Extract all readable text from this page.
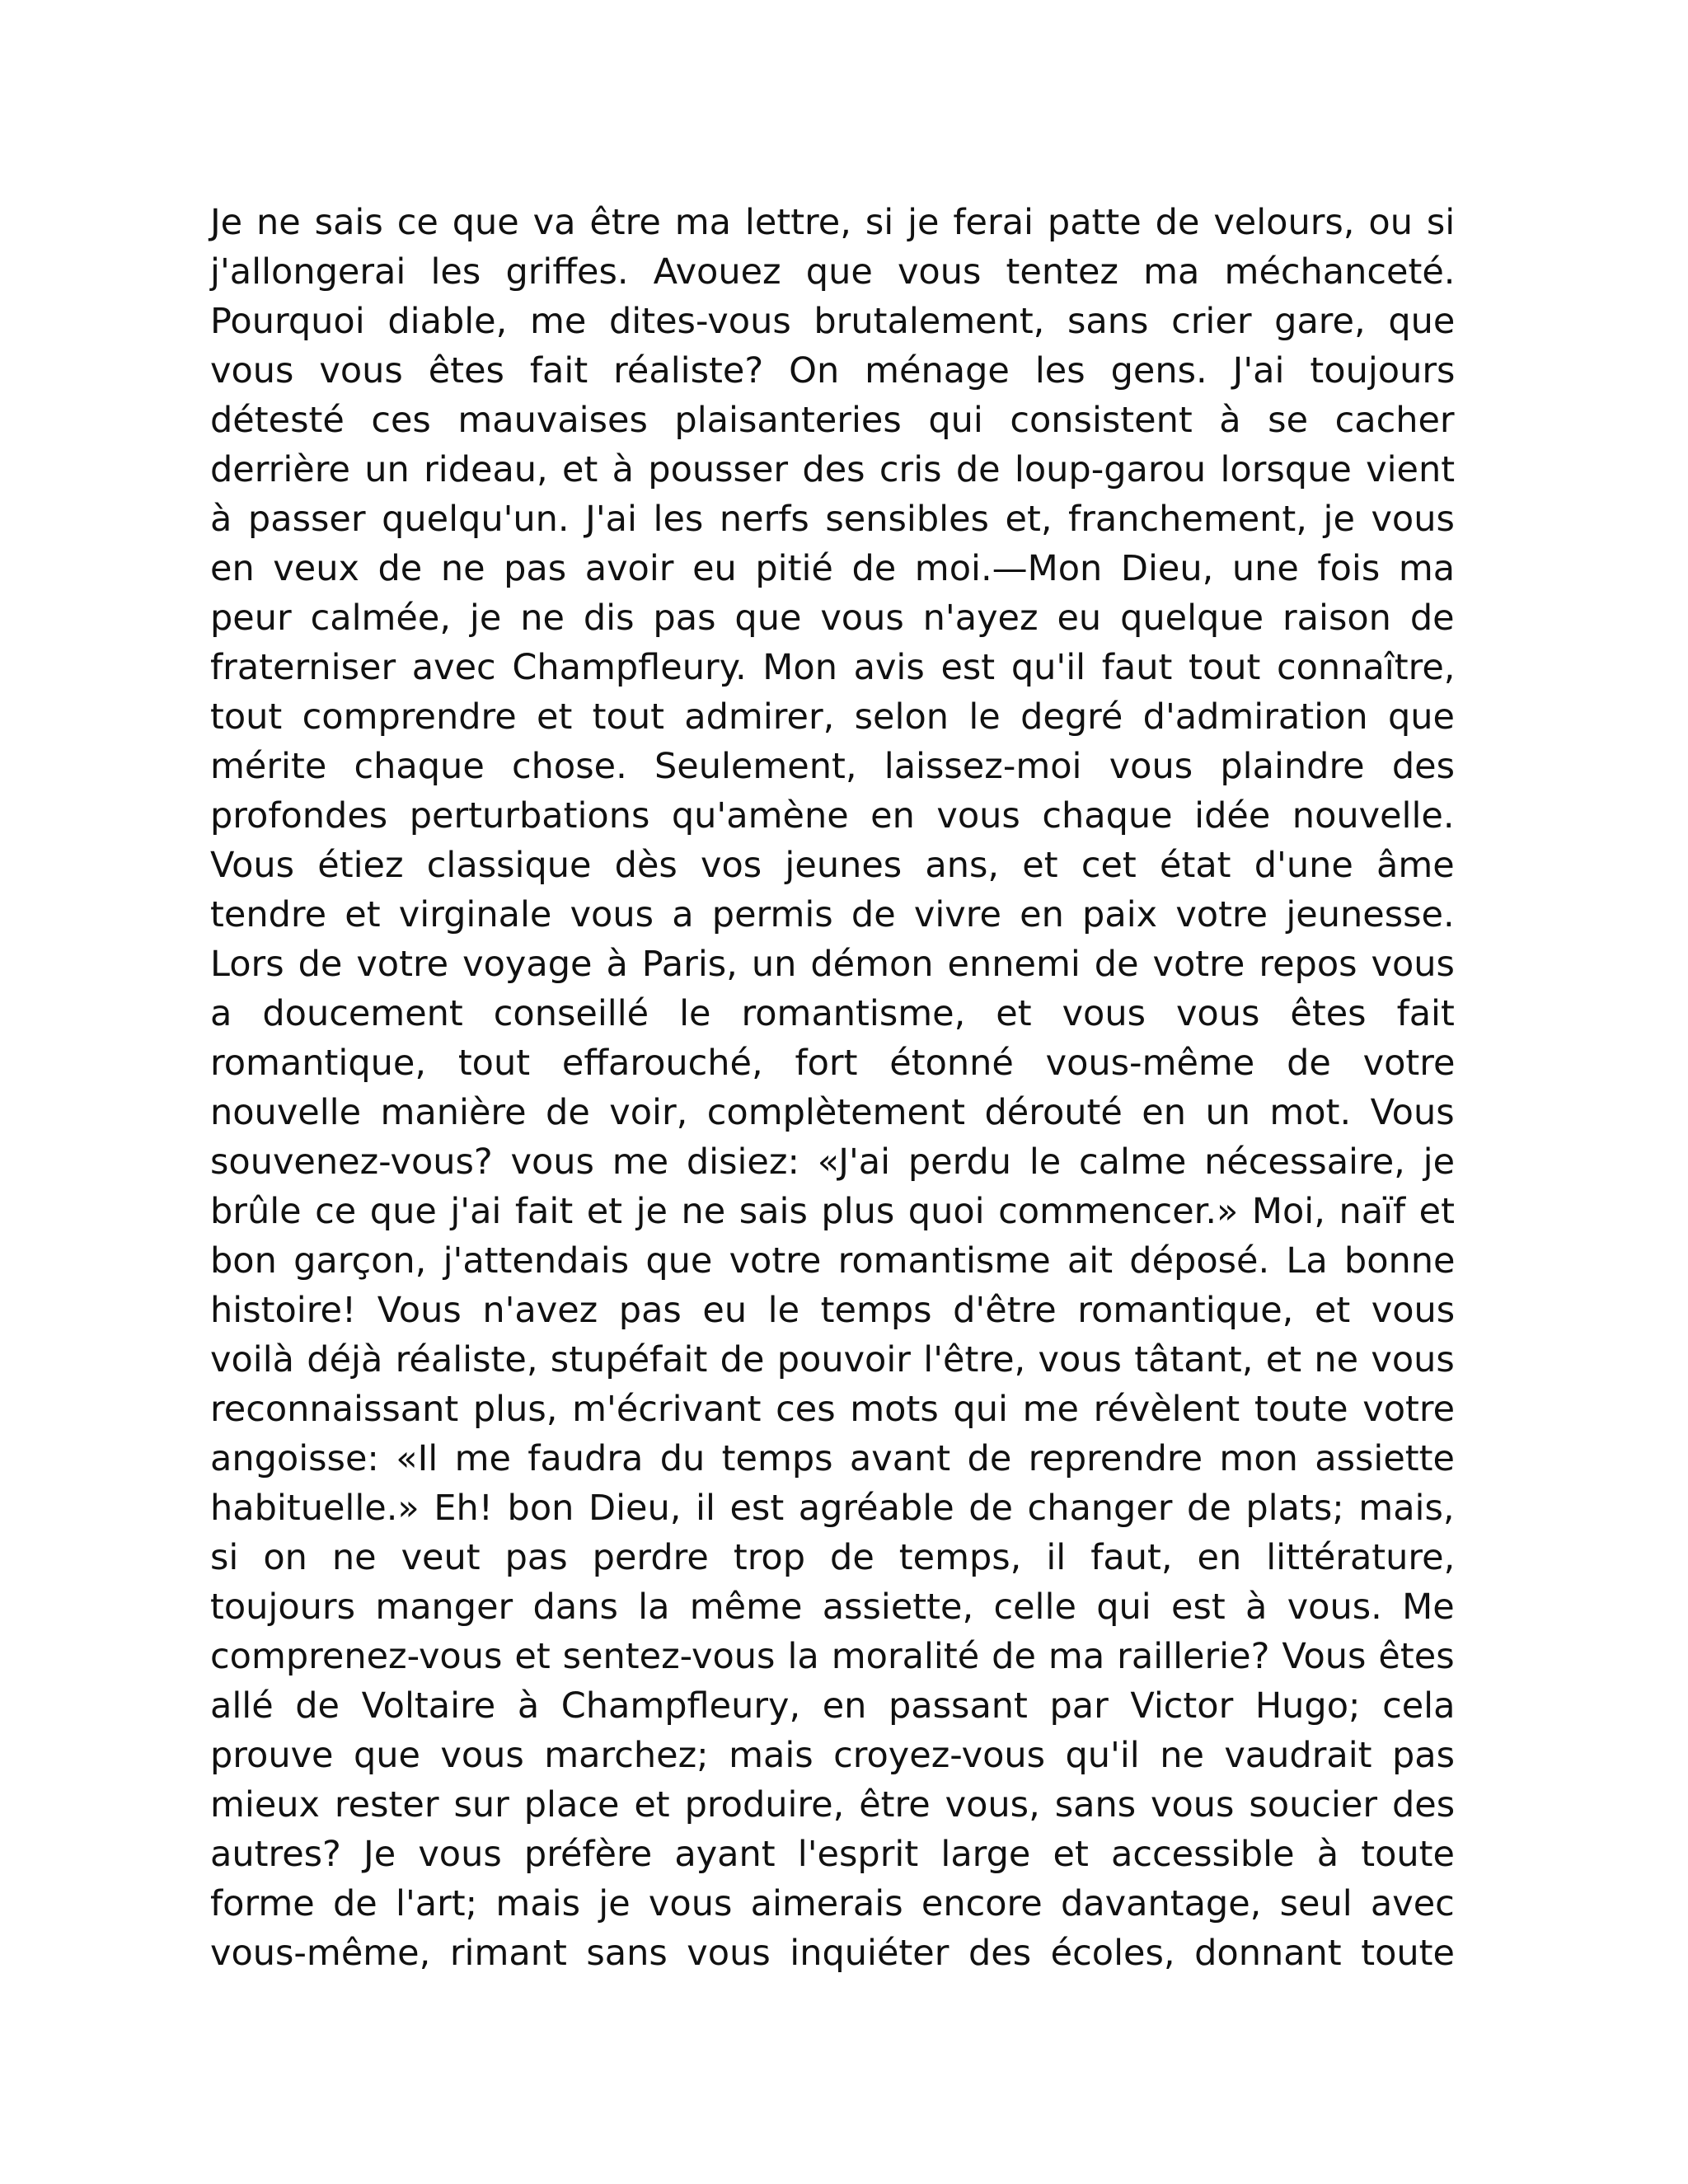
Je ne sais ce que va être ma lettre, si je ferai patte de velours, ou si
j'allongerai les griffes. Avouez que vous tentez ma méchanceté.
Pourquoi diable, me dites-vous brutalement, sans crier gare, que
vous vous êtes fait réaliste? On ménage les gens. J'ai toujours
détesté ces mauvaises plaisanteries qui consistent à se cacher
derrière un rideau, et à pousser des cris de loup-garou lorsque vient
à passer quelqu'un. J'ai les nerfs sensibles et, franchement, je vous
en veux de ne pas avoir eu pitié de moi.—Mon Dieu, une fois ma
peur calmée, je ne dis pas que vous n'ayez eu quelque raison de
fraterniser avec Champfleury. Mon avis est qu'il faut tout connaître,
tout comprendre et tout admirer, selon le degré d'admiration que
mérite chaque chose. Seulement, laissez-moi vous plaindre des
profondes perturbations qu'amène en vous chaque idée nouvelle.
Vous étiez classique dès vos jeunes ans, et cet état d'une âme
tendre et virginale vous a permis de vivre en paix votre jeunesse.
Lors de votre voyage à Paris, un démon ennemi de votre repos vous
a doucement conseillé le romantisme, et vous vous êtes fait
romantique, tout effarouché, fort étonné vous-même de votre
nouvelle manière de voir, complètement dérouté en un mot. Vous
souvenez-vous? vous me disiez: «J'ai perdu le calme nécessaire, je
brûle ce que j'ai fait et je ne sais plus quoi commencer.» Moi, naïf et
bon garçon, j'attendais que votre romantisme ait déposé. La bonne
histoire! Vous n'avez pas eu le temps d'être romantique, et vous
voilà déjà réaliste, stupéfait de pouvoir l'être, vous tâtant, et ne vous
reconnaissant plus, m'écrivant ces mots qui me révèlent toute votre
angoisse: «Il me faudra du temps avant de reprendre mon assiette
habituelle.» Eh! bon Dieu, il est agréable de changer de plats; mais,
si on ne veut pas perdre trop de temps, il faut, en littérature,
toujours manger dans la même assiette, celle qui est à vous. Me
comprenez-vous et sentez-vous la moralité de ma raillerie? Vous êtes
allé de Voltaire à Champfleury, en passant par Victor Hugo; cela
prouve que vous marchez; mais croyez-vous qu'il ne vaudrait pas
mieux rester sur place et produire, être vous, sans vous soucier des
autres? Je vous préfère ayant l'esprit large et accessible à toute
forme de l'art; mais je vous aimerais encore davantage, seul avec
vous-même, rimant sans vous inquiéter des écoles, donnant toute
